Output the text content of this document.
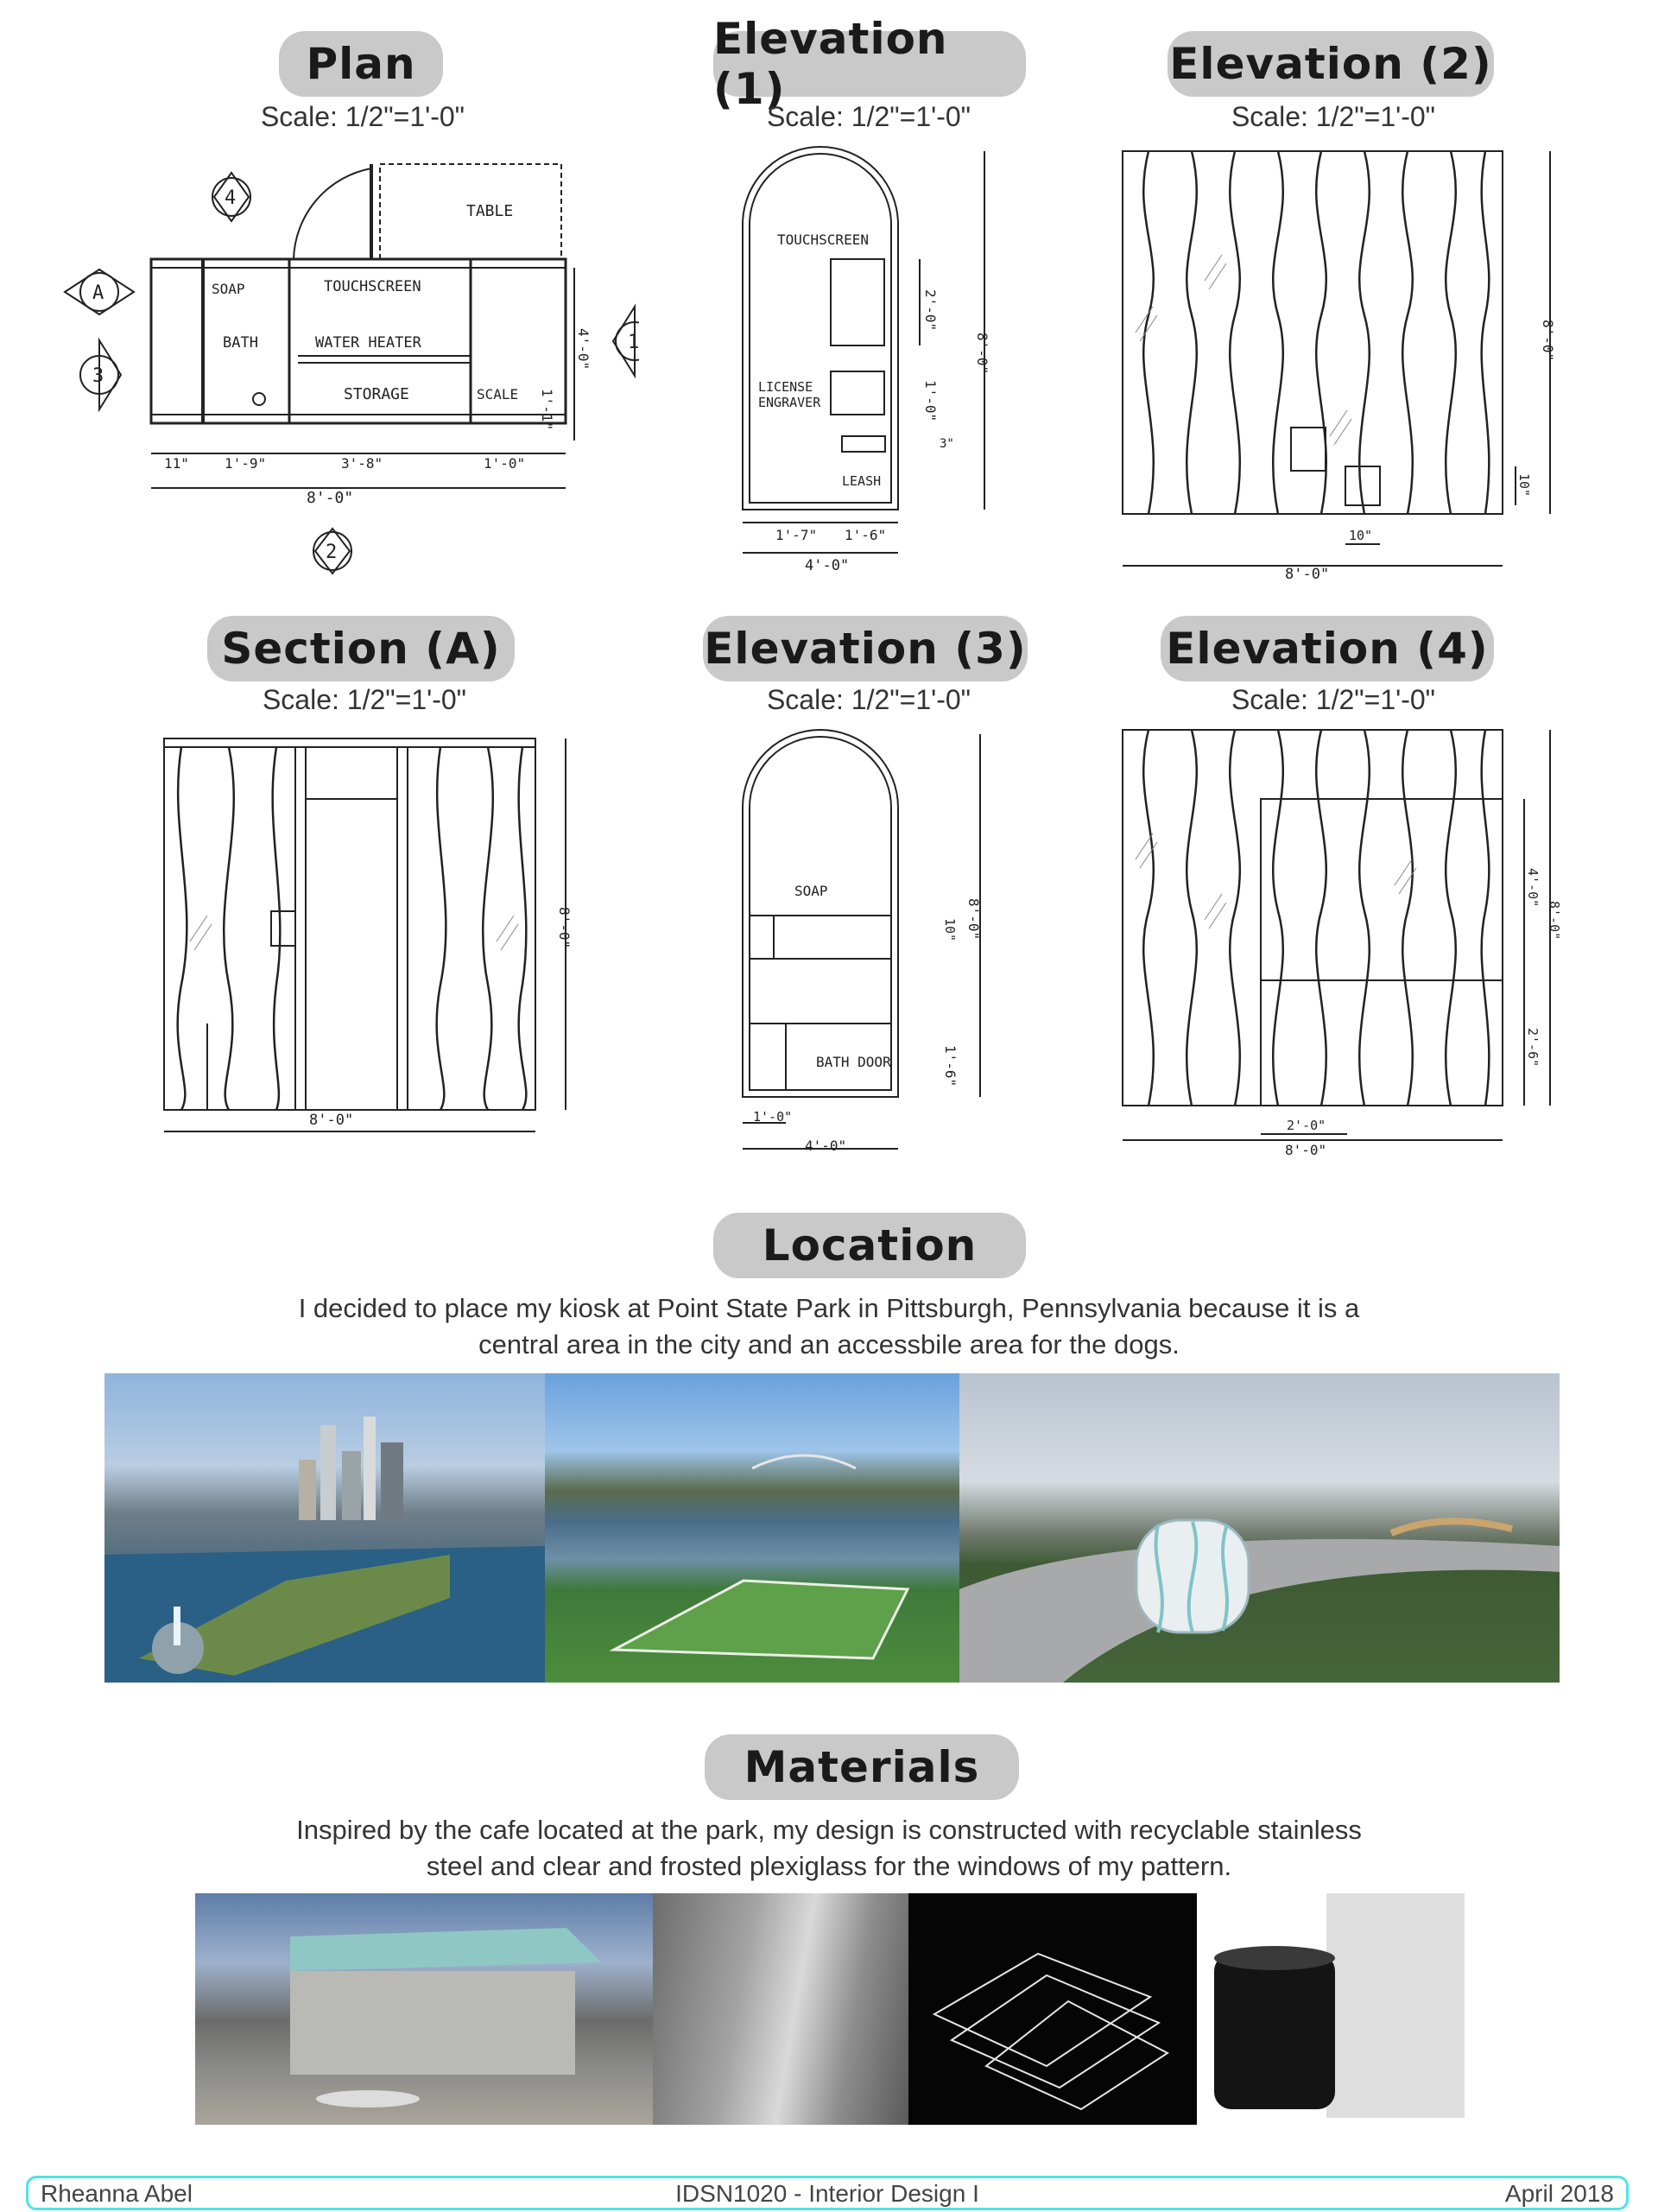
Plan
Scale: 1/2"=1'-0"
Elevation (1)
Scale: 1/2"=1'-0"
Elevation (2)
Scale: 1/2"=1'-0"
TABLE
SOAP	TOUCHSCREEN
BATH	WATER HEATER
STORAGE	SCALE
11"	1'-9"	3'-8"	1'-0"
8'-0"
4'-0"
1'-1"
4
A
3
1
2
TOUCHSCREEN
LICENSE
ENGRAVER
LEASH
1'-7" 1'-6"
4'-0"
2'-0"
8'-0"
1'-0"
3"
8'-0"
10"
8'-0"
10"
Section (A)
Scale: 1/2"=1'-0"
Elevation (3)
Scale: 1/2"=1'-0"
Elevation (4)
Scale: 1/2"=1'-0"
8'-0"
8'-0"
SOAP
BATH DOOR
1'-0"
4'-0"
10" 8'-0"
1'-6"
2'-0"
8'-0"
4'-0"
8'-0"
2'-6"
Location
I decided to place my kiosk at Point State Park in Pittsburgh, Pennsylvania because it is a
central area in the city and an accessbile area for the dogs.
Materials
Inspired by the cafe located at the park, my design is constructed with recyclable stainless
steel and clear and frosted plexiglass for the windows of my pattern.
Rheanna Abel	IDSN1020 - Interior Design I	April 2018
